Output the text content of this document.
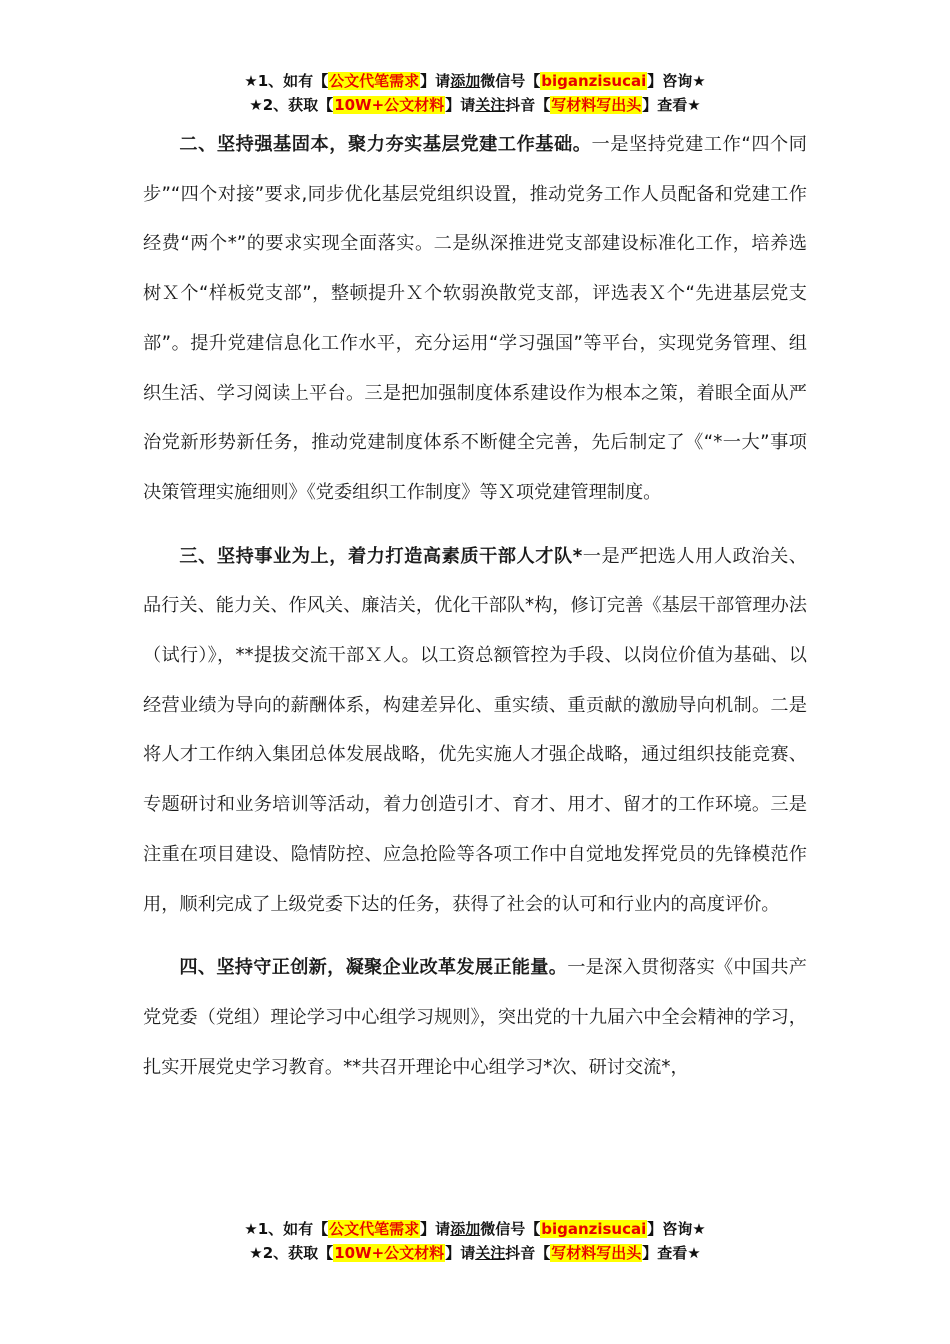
★1、如有【公文代笔需求】请添加微信号【biganzisucai】咨询★
★2、获取【10W+公文材料】请关注抖音【写材料写出头】查看★

二、坚持强基固本，聚力夯实基层党建工作基础。一是坚持党建工作“四个同步”“四个对接”要求,同步优化基层党组织设置，推动党务工作人员配备和党建工作经费“两个*”的要求实现全面落实。二是纵深推进党支部建设标准化工作，培养选树Ｘ个“样板党支部”，整顿提升Ｘ个软弱涣散党支部，评选表Ｘ个“先进基层党支部”。提升党建信息化工作水平，充分运用“学习强国”等平台，实现党务管理、组织生活、学习阅读上平台。三是把加强制度体系建设作为根本之策，着眼全面从严治党新形势新任务，推动党建制度体系不断健全完善，先后制定了《“*一大”事项决策管理实施细则》《党委组织工作制度》等Ｘ项党建管理制度。

三、坚持事业为上，着力打造高素质干部人才队*一是严把选人用人政治关、品行关、能力关、作风关、廉洁关，优化干部队*构，修订完善《基层干部管理办法（试行）》，**提拔交流干部Ｘ人。以工资总额管控为手段、以岗位价值为基础、以经营业绩为导向的薪酬体系，构建差异化、重实绩、重贡献的激励导向机制。二是将人才工作纳入集团总体发展战略，优先实施人才强企战略，通过组织技能竞赛、专题研讨和业务培训等活动，着力创造引才、育才、用才、留才的工作环境。三是注重在项目建设、隐情防控、应急抢险等各项工作中自觉地发挥党员的先锋模范作用，顺利完成了上级党委下达的任务，获得了社会的认可和行业内的高度评价。

四、坚持守正创新，凝聚企业改革发展正能量。一是深入贯彻落实《中国共产党党委（党组）理论学习中心组学习规则》，突出党的十九届六中全会精神的学习，扎实开展党史学习教育。**共召开理论中心组学习*次、研讨交流*，

★1、如有【公文代笔需求】请添加微信号【biganzisucai】咨询★
★2、获取【10W+公文材料】请关注抖音【写材料写出头】查看★
